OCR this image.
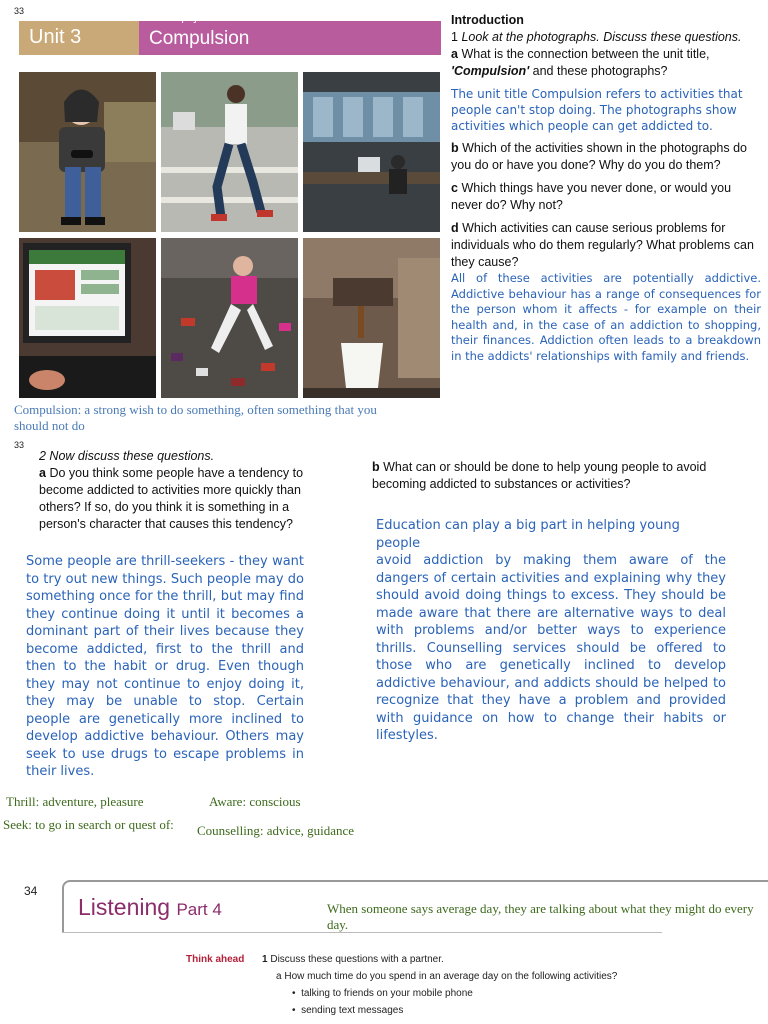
33
Unit 3
/kəm pʌlʃən/
Compulsion
Compulsion: a strong wish to do something, often something that you should not do

Introduction

1 Look at the photographs. Discuss these questions.

a What is the connection between the unit title, 'Compulsion' and these photographs?

The unit title Compulsion refers to activities that people can't stop doing. The photographs show activities which people can get addicted to.

b Which of the activities shown in the photographs do you do or have you done? Why do you do them?

c Which things have you never done, or would you never do? Why not?

d Which activities can cause serious problems for individuals who do them regularly? What problems can they cause?

All of these activities are potentially addictive. Addictive behaviour has a range of consequences for the person whom it affects - for example on their health and, in the case of an addiction to shopping, their finances. Addiction often leads to a breakdown in the addicts' relationships with family and friends.

33
2 Now discuss these questions.
a Do you think some people have a tendency to become addicted to activities more quickly than others? If so, do you think it is something in a person's character that causes this tendency?
Some people are thrill-seekers - they want to try out new things. Such people may do something once for the thrill, but may find they continue doing it until it becomes a dominant part of their lives because they become addicted, first to the thrill and then to the habit or drug. Even though they may not continue to enjoy doing it, they may be unable to stop. Certain people are genetically more inclined to develop addictive behaviour. Others may seek to use drugs to escape problems in their lives.
b What can or should be done to help young people to avoid becoming addicted to substances or activities?
Education can play a big part in helping young people
avoid addiction by making them aware of the dangers of certain activities and explaining why they should avoid doing things to excess. They should be made aware that there are alternative ways to deal with problems and/or better ways to experience thrills. Counselling services should be offered to those who are genetically inclined to develop addictive behaviour, and addicts should be helped to recognize that they have a problem and provided with guidance on how to change their habits or lifestyles.
Thrill: adventure, pleasure	Aware: conscious
Seek: to go in search or quest of: Counselling: advice, guidance
34
Listening Part 4	When someone says average day, they are talking about what they might do every day.
Think ahead 1 Discuss these questions with a partner.
a How much time do you spend in an average day on the following activities?
•  talking to friends on your mobile phone
•  sending text messages
